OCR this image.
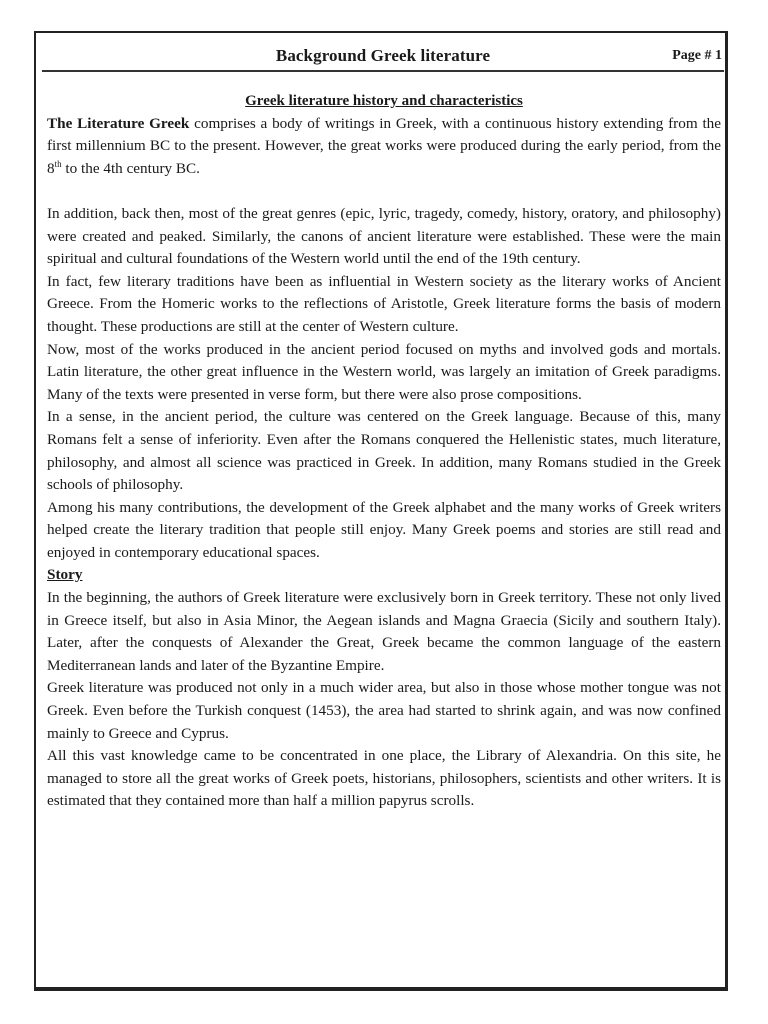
Background Greek literature	Page # 1

Greek literature history and characteristics

The Literature Greek comprises a body of writings in Greek, with a continuous history extending from the first millennium BC to the present. However, the great works were produced during the early period, from the 8th to the 4th century BC.

In addition, back then, most of the great genres (epic, lyric, tragedy, comedy, history, oratory, and philosophy) were created and peaked. Similarly, the canons of ancient literature were established. These were the main spiritual and cultural foundations of the Western world until the end of the 19th century.

In fact, few literary traditions have been as influential in Western society as the literary works of Ancient Greece. From the Homeric works to the reflections of Aristotle, Greek literature forms the basis of modern thought. These productions are still at the center of Western culture.

Now, most of the works produced in the ancient period focused on myths and involved gods and mortals. Latin literature, the other great influence in the Western world, was largely an imitation of Greek paradigms. Many of the texts were presented in verse form, but there were also prose compositions.

In a sense, in the ancient period, the culture was centered on the Greek language. Because of this, many Romans felt a sense of inferiority. Even after the Romans conquered the Hellenistic states, much literature, philosophy, and almost all science was practiced in Greek. In addition, many Romans studied in the Greek schools of philosophy.

Among his many contributions, the development of the Greek alphabet and the many works of Greek writers helped create the literary tradition that people still enjoy. Many Greek poems and stories are still read and enjoyed in contemporary educational spaces.

Story

In the beginning, the authors of Greek literature were exclusively born in Greek territory. These not only lived in Greece itself, but also in Asia Minor, the Aegean islands and Magna Graecia (Sicily and southern Italy). Later, after the conquests of Alexander the Great, Greek became the common language of the eastern Mediterranean lands and later of the Byzantine Empire.

Greek literature was produced not only in a much wider area, but also in those whose mother tongue was not Greek. Even before the Turkish conquest (1453), the area had started to shrink again, and was now confined mainly to Greece and Cyprus.

All this vast knowledge came to be concentrated in one place, the Library of Alexandria. On this site, he managed to store all the great works of Greek poets, historians, philosophers, scientists and other writers. It is estimated that they contained more than half a million papyrus scrolls.
